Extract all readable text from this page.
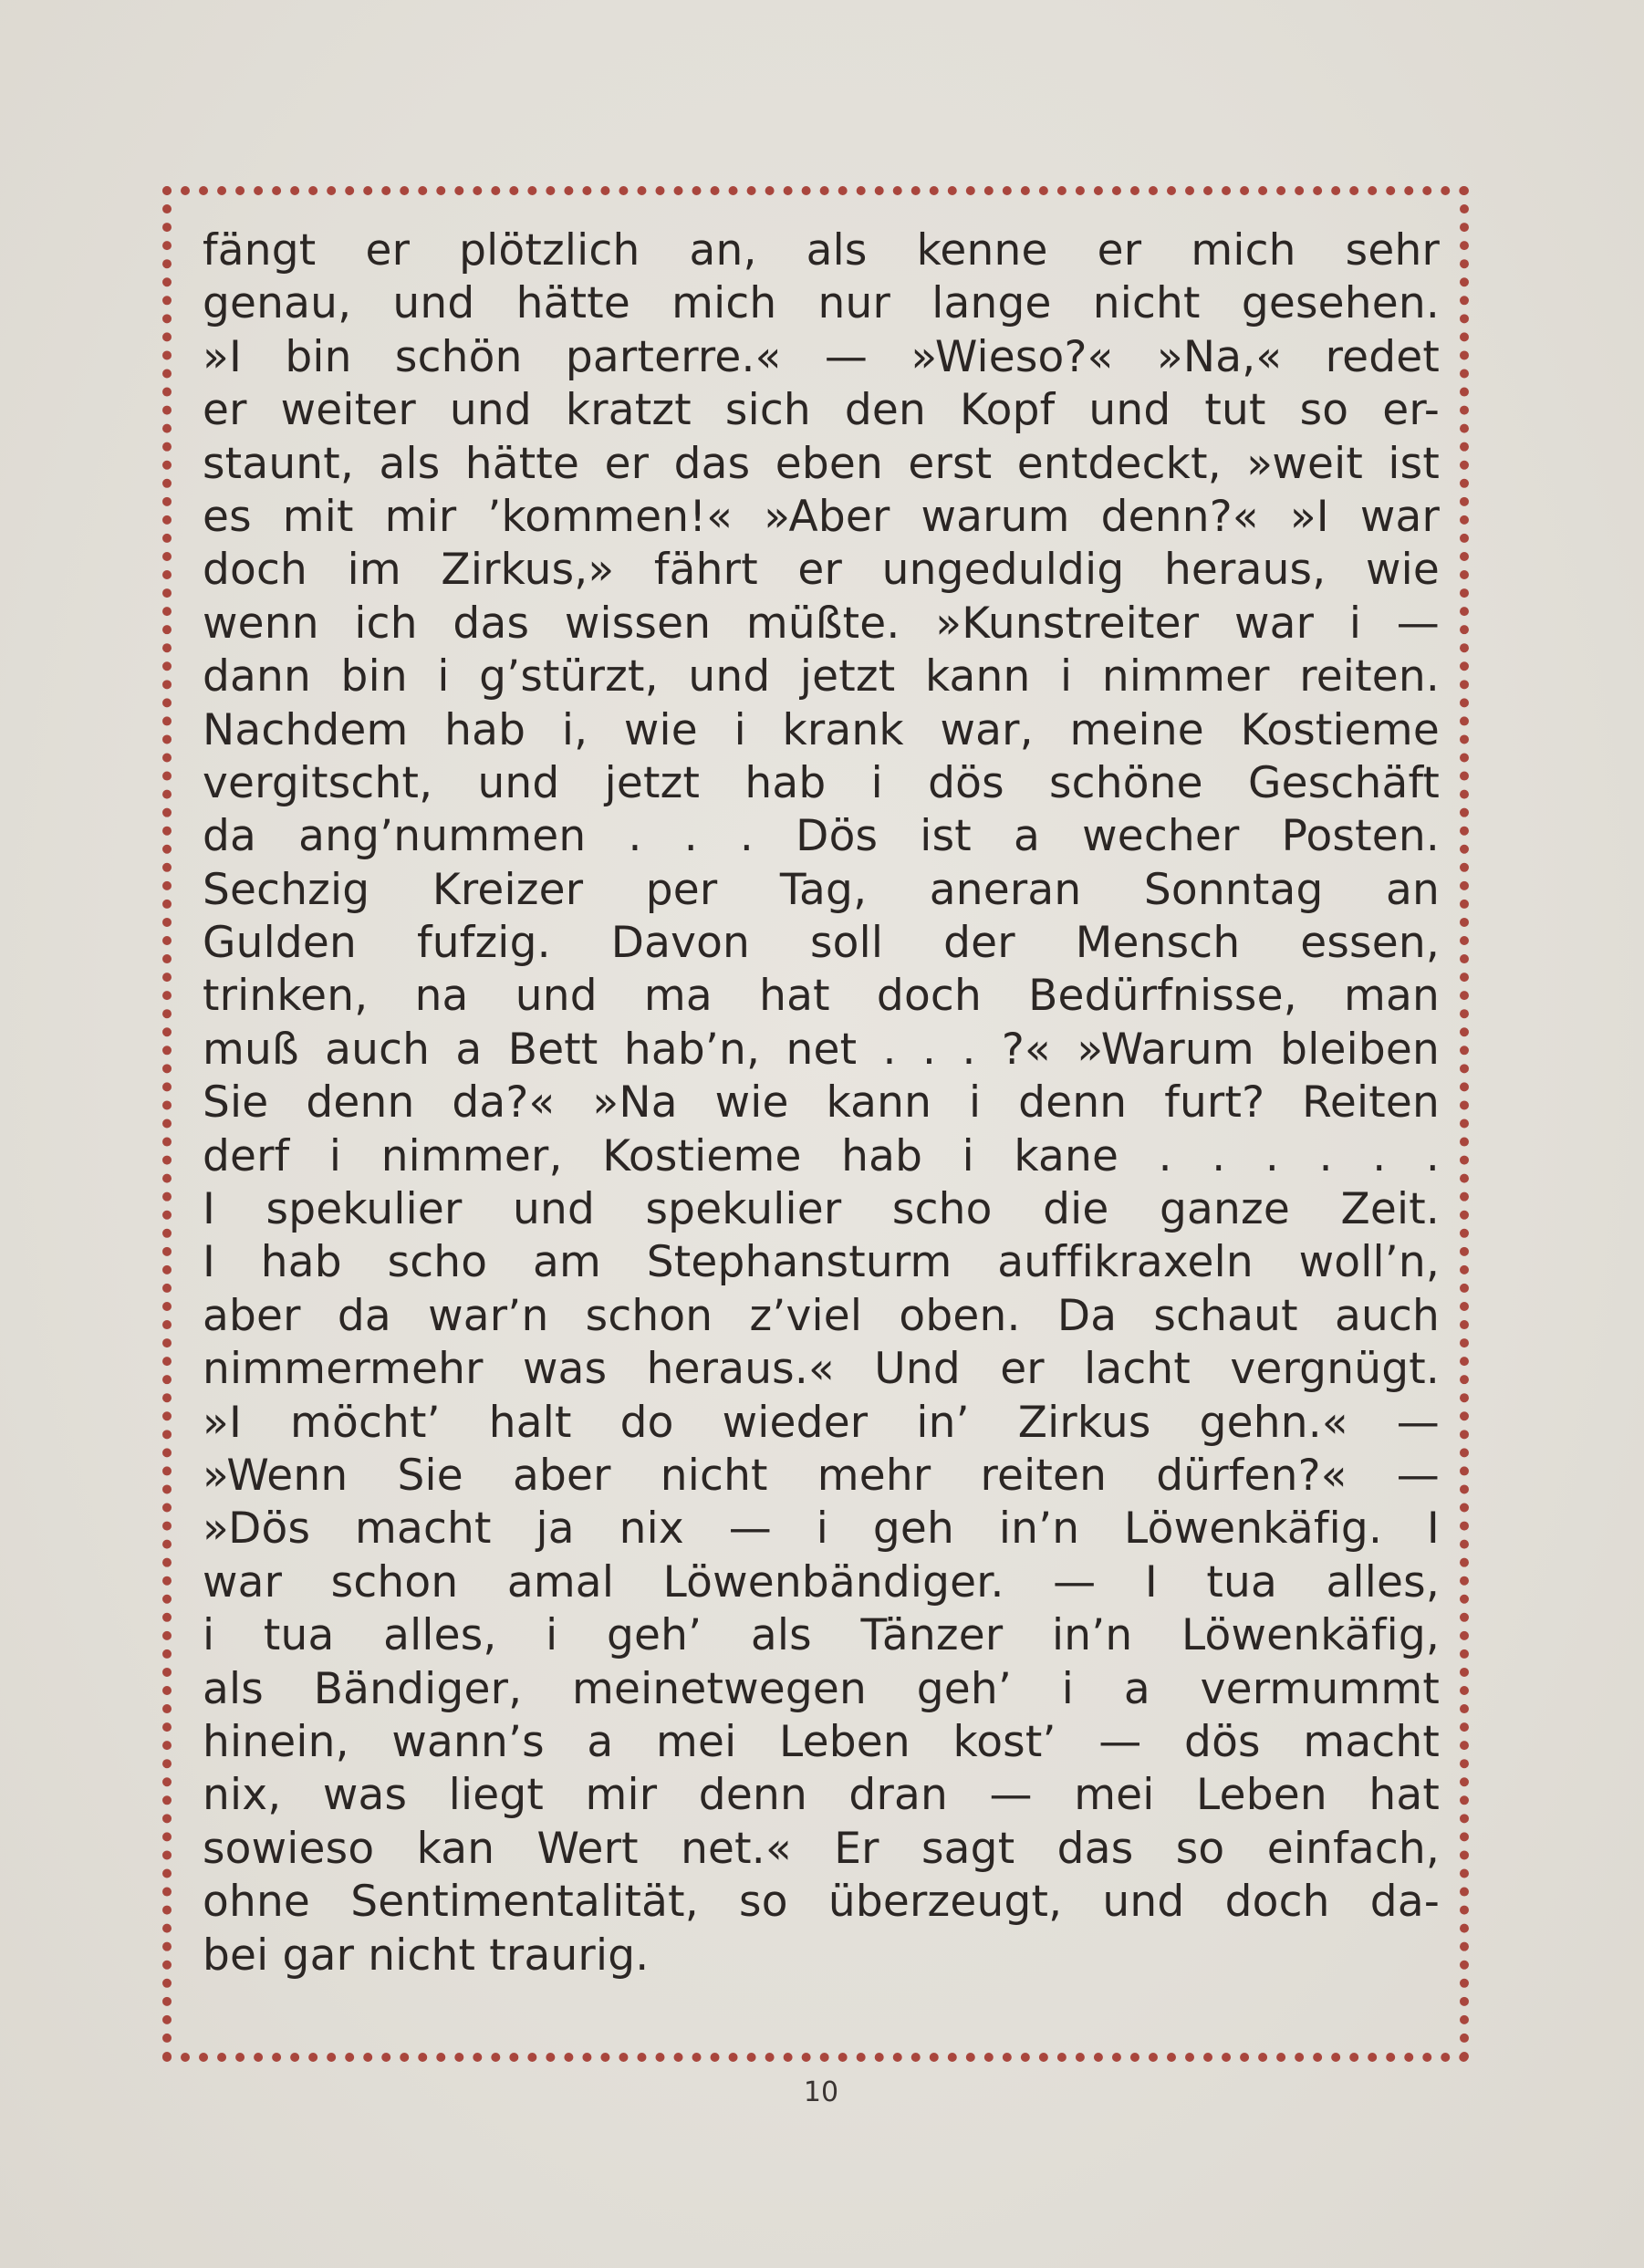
fängt er plötzlich an, als kenne er mich sehr
genau, und hätte mich nur lange nicht gesehen.
»I bin schön parterre.« — »Wieso?« »Na,« redet
er weiter und kratzt sich den Kopf und tut so er-
staunt, als hätte er das eben erst entdeckt, »weit ist
es mit mir ’kommen!« »Aber warum denn?« »I war
doch im Zirkus,» fährt er ungeduldig heraus, wie
wenn ich das wissen müßte. »Kunstreiter war i —
dann bin i g’stürzt, und jetzt kann i nimmer reiten.
Nachdem hab i, wie i krank war, meine Kostieme
vergitscht, und jetzt hab i dös schöne Geschäft
da ang’nummen . . . Dös ist a wecher Posten.
Sechzig Kreizer per Tag, aneran Sonntag an
Gulden fufzig. Davon soll der Mensch essen,
trinken, na und ma hat doch Bedürfnisse, man
muß auch a Bett hab’n, net . . . ?« »Warum bleiben
Sie denn da?« »Na wie kann i denn furt? Reiten
derf i nimmer, Kostieme hab i kane . . . . . .
I spekulier und spekulier scho die ganze Zeit.
I hab scho am Stephansturm auffikraxeln woll’n,
aber da war’n schon z’viel oben. Da schaut auch
nimmermehr was heraus.« Und er lacht vergnügt.
»I möcht’ halt do wieder in’ Zirkus gehn.« —
»Wenn Sie aber nicht mehr reiten dürfen?« —
»Dös macht ja nix — i geh in’n Löwenkäfig. I
war schon amal Löwenbändiger. — I tua alles,
i tua alles, i geh’ als Tänzer in’n Löwenkäfig,
als Bändiger, meinetwegen geh’ i a vermummt
hinein, wann’s a mei Leben kost’ — dös macht
nix, was liegt mir denn dran — mei Leben hat
sowieso kan Wert net.« Er sagt das so einfach,
ohne Sentimentalität, so überzeugt, und doch da-
bei gar nicht traurig.
10
